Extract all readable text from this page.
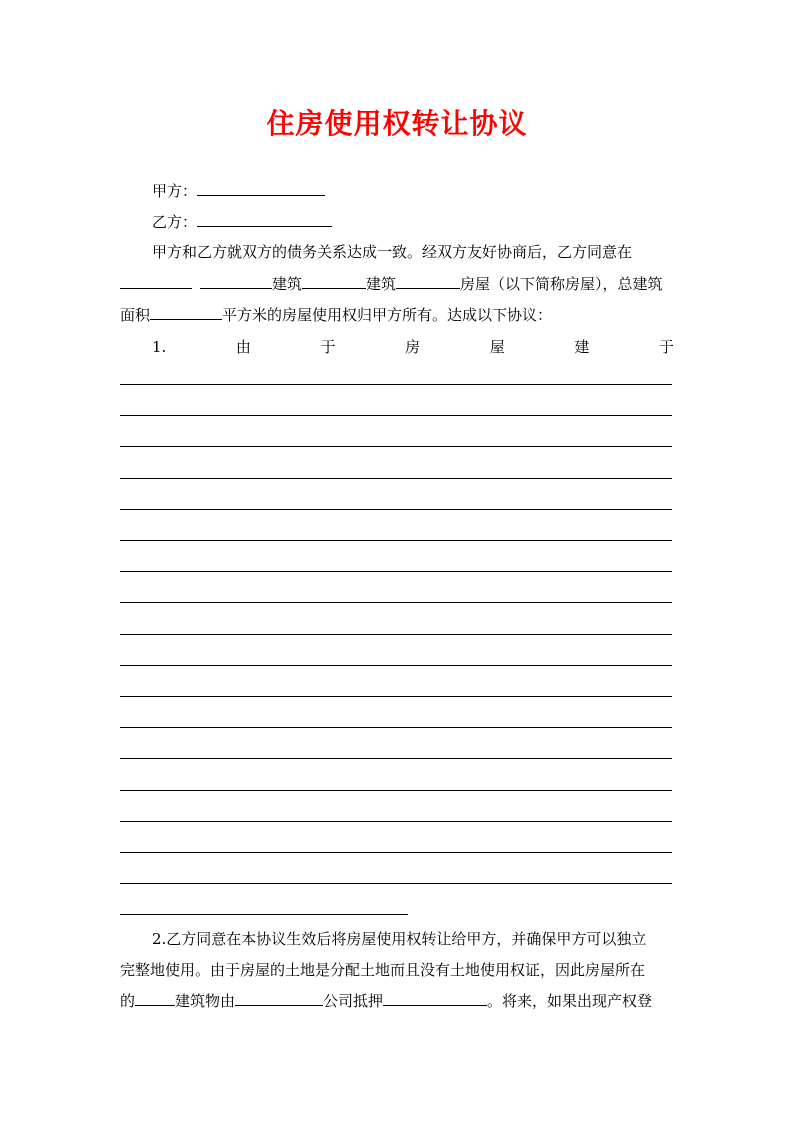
住房使用权转让协议
甲方：
乙方：
甲方和乙方就双方的债务关系达成一致。经双方友好协商后，乙方同意在
建筑	建筑	房屋（以下简称房屋），总建筑
面积	平方米的房屋使用权归甲方所有。达成以下协议：
1.	由	于	房	屋	建	于
2.乙方同意在本协议生效后将房屋使用权转让给甲方，并确保甲方可以独立
完整地使用。由于房屋的土地是分配土地而且没有土地使用权证，因此房屋所在
的	建筑物由	公司抵押	。将来，如果出现产权登
